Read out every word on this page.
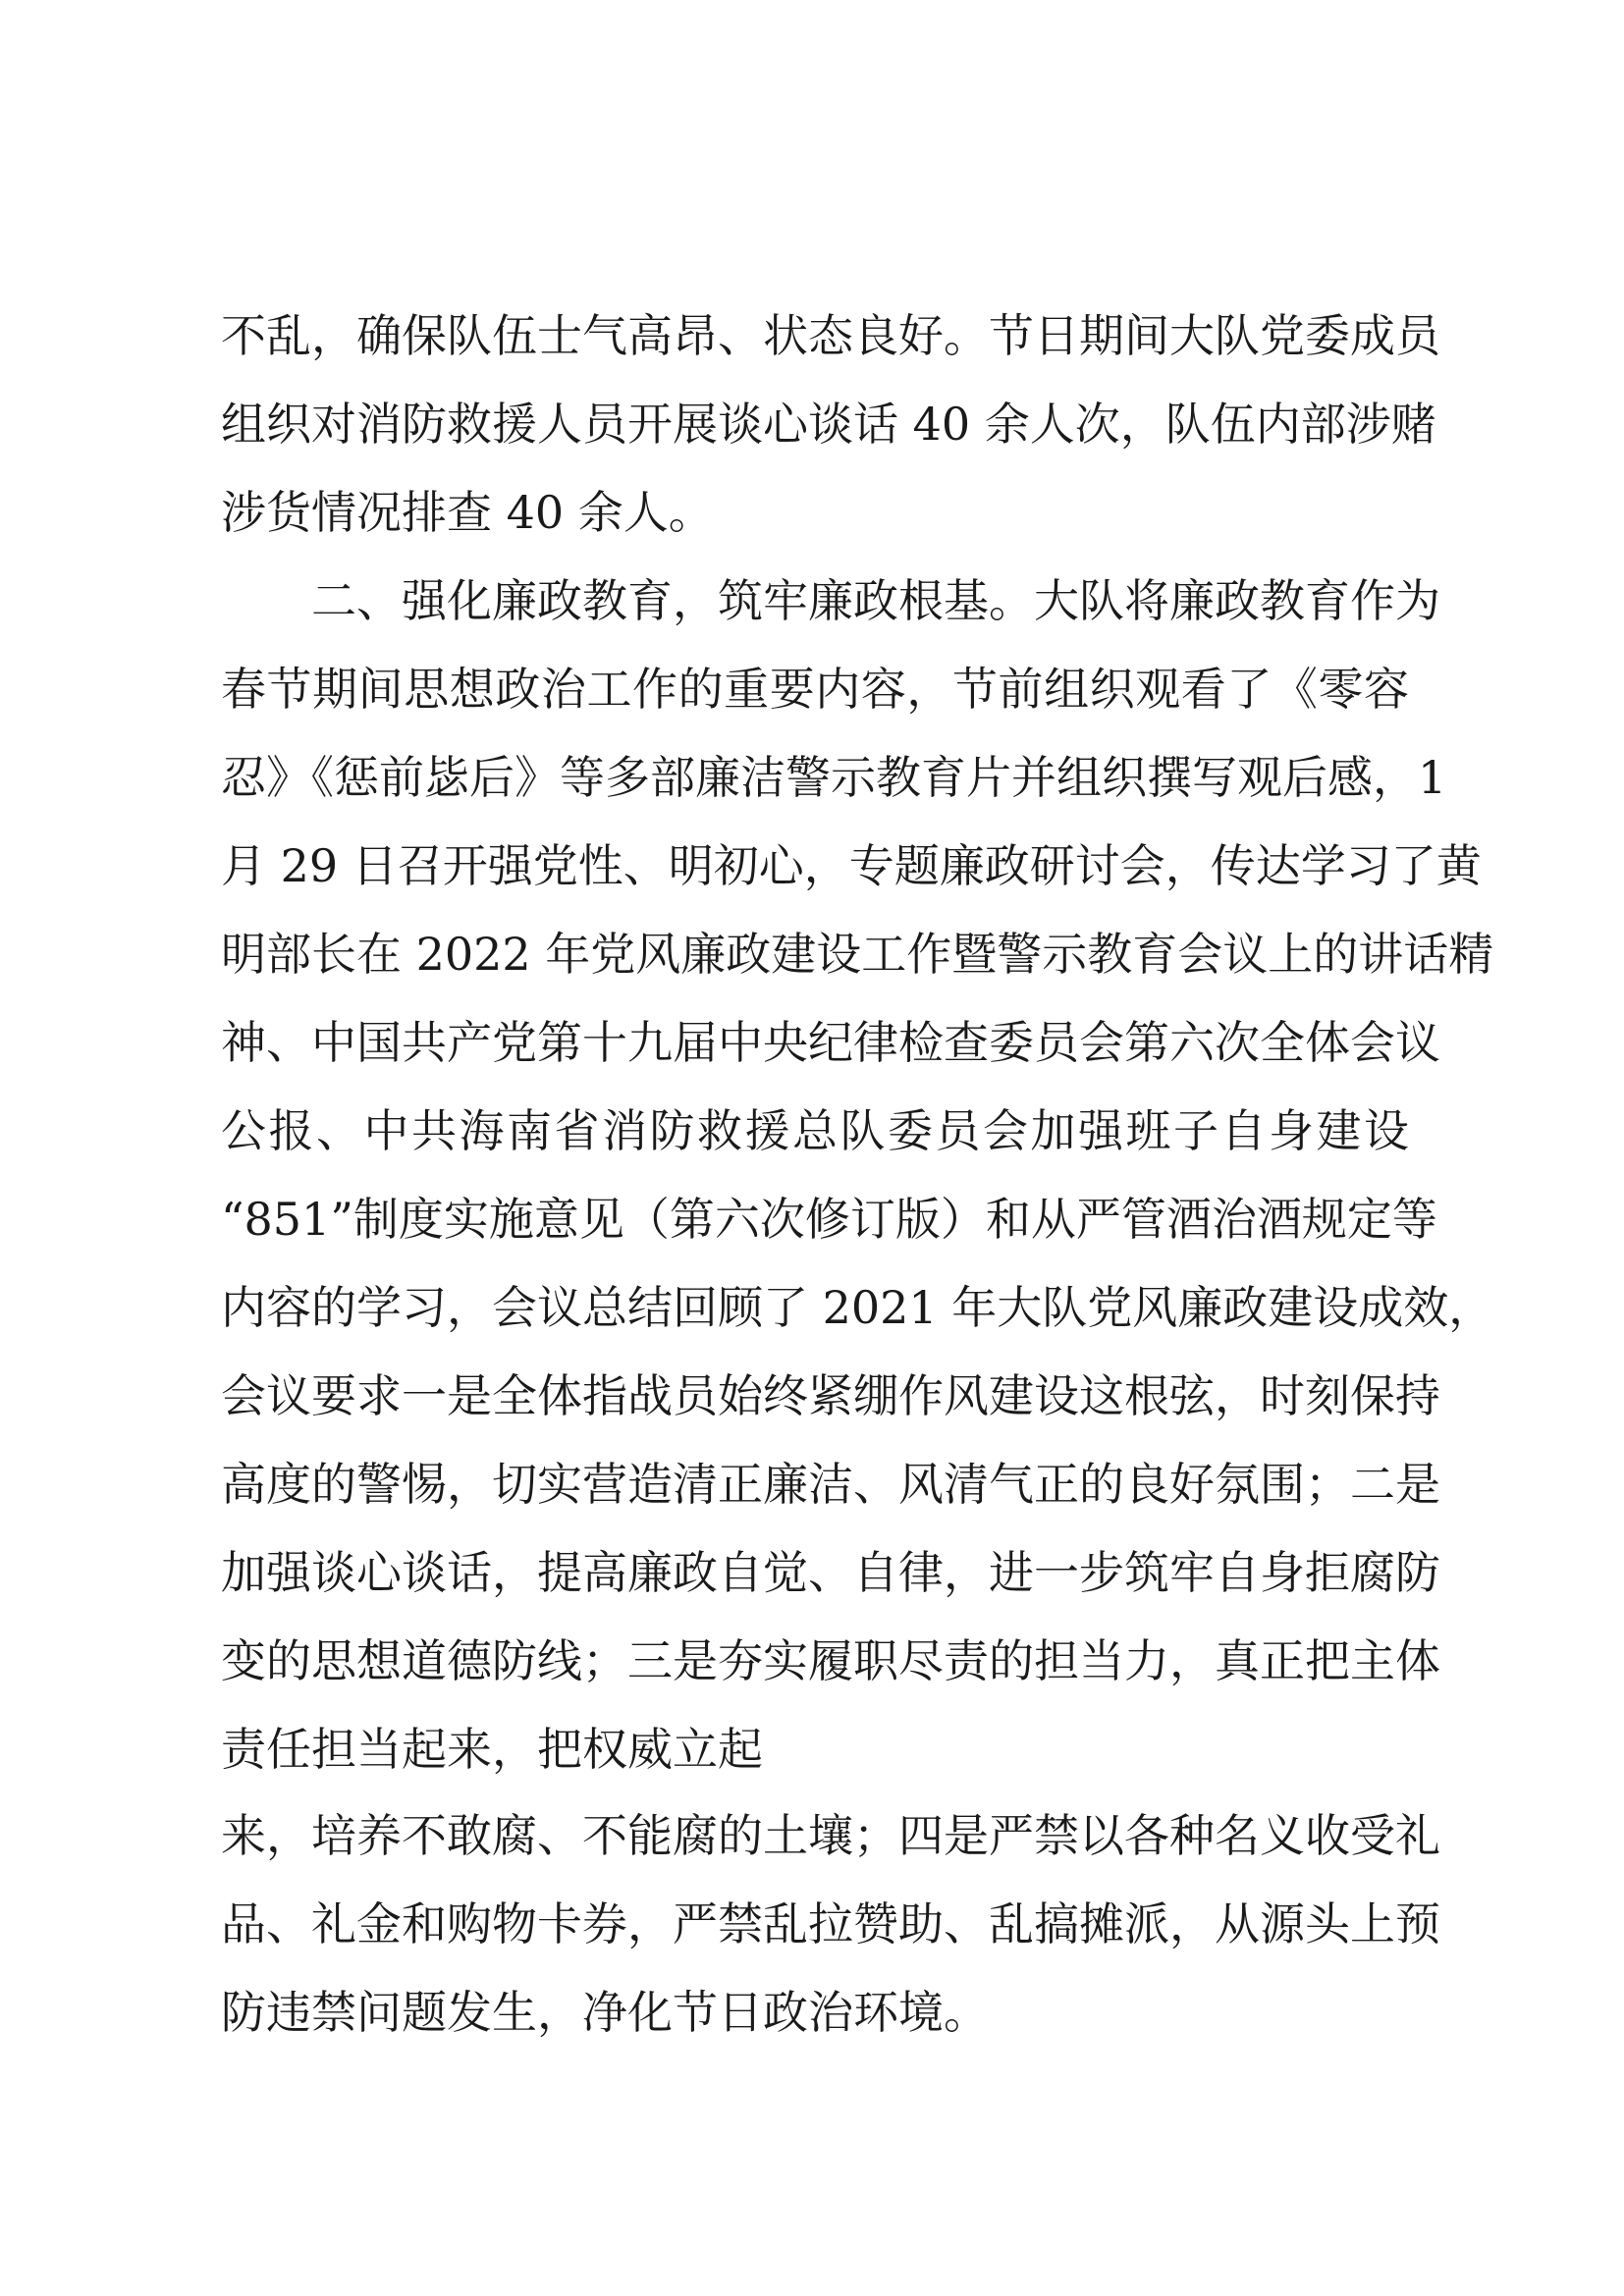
不乱，确保队伍士气高昂、状态良好。节日期间大队党委成员

组织对消防救援人员开展谈心谈话 40 余人次，队伍内部涉赌

涉货情况排查 40 余人。

二、强化廉政教育，筑牢廉政根基。大队将廉政教育作为

春节期间思想政治工作的重要内容，节前组织观看了《零容

忍》《惩前毖后》等多部廉洁警示教育片并组织撰写观后感，1

月 29 日召开强党性、明初心，专题廉政研讨会，传达学习了黄

明部长在 2022 年党风廉政建设工作暨警示教育会议上的讲话精

神、中国共产党第十九届中央纪律检查委员会第六次全体会议

公报、中共海南省消防救援总队委员会加强班子自身建设

“851”制度实施意见（第六次修订版）和从严管酒治酒规定等

内容的学习，会议总结回顾了 2021 年大队党风廉政建设成效，

会议要求一是全体指战员始终紧绷作风建设这根弦，时刻保持

高度的警惕，切实营造清正廉洁、风清气正的良好氛围；二是

加强谈心谈话，提高廉政自觉、自律，进一步筑牢自身拒腐防

变的思想道德防线；三是夯实履职尽责的担当力，真正把主体

责任担当起来，把权威立起

来，培养不敢腐、不能腐的土壤；四是严禁以各种名义收受礼

品、礼金和购物卡券，严禁乱拉赞助、乱搞摊派，从源头上预

防违禁问题发生，净化节日政治环境。
